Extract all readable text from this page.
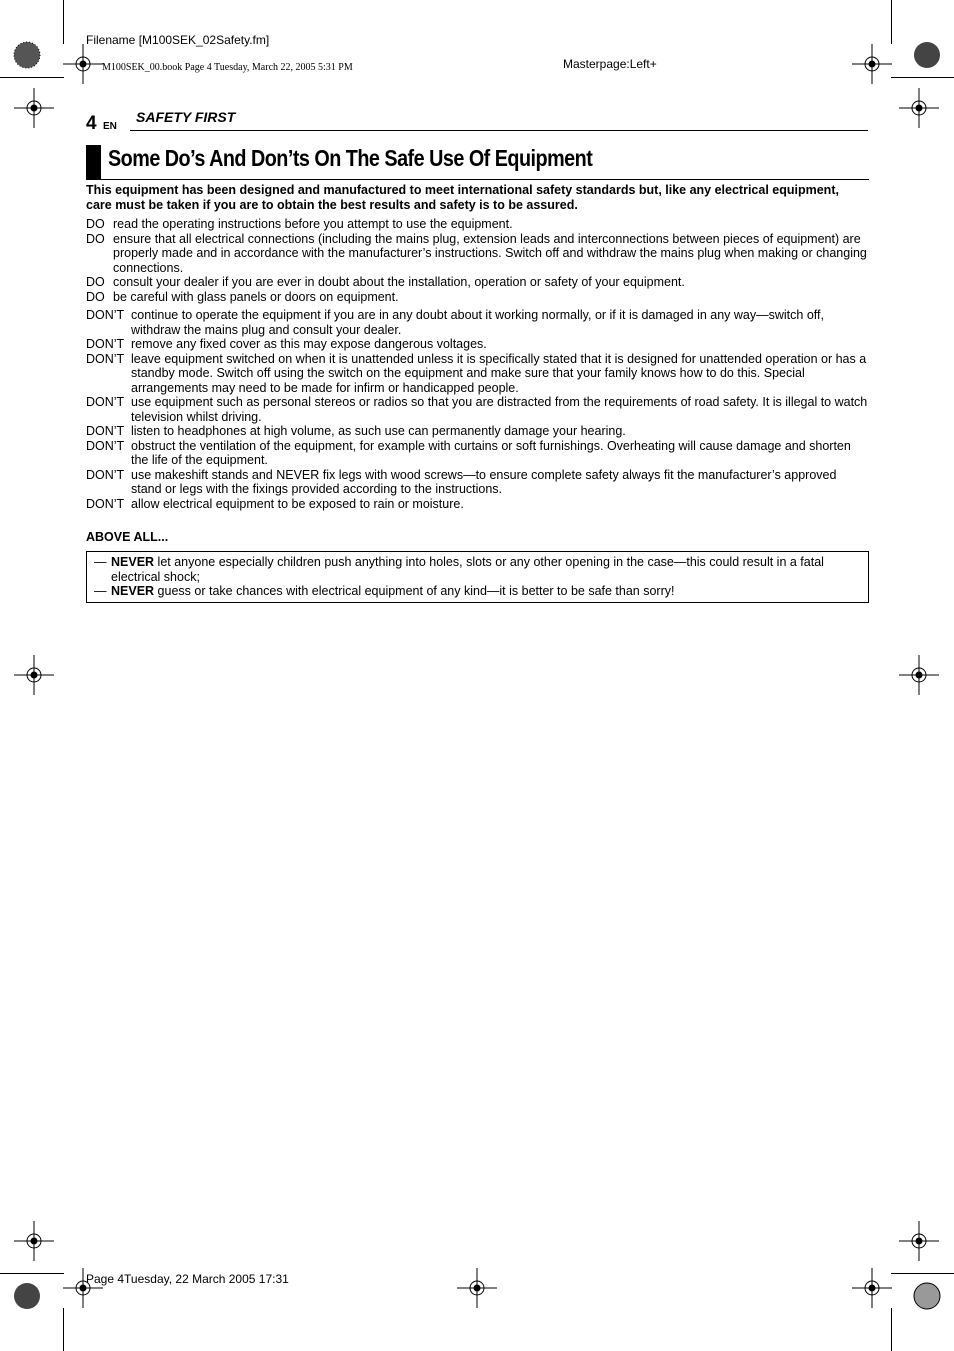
Filename [M100SEK_02Safety.fm]
M100SEK_00.book Page 4 Tuesday, March 22, 2005 5:31 PM	Masterpage:Left+
Page 4Tuesday, 22 March 2005 17:31
4 EN
SAFETY FIRST
Some Do’s And Don’ts On The Safe Use Of Equipment
This equipment has been designed and manufactured to meet international safety standards but, like any electrical equipment, care must be taken if you are to obtain the best results and safety is to be assured.
DO read the operating instructions before you attempt to use the equipment.
DO ensure that all electrical connections (including the mains plug, extension leads and interconnections between pieces of equipment) are properly made and in accordance with the manufacturer’s instructions. Switch off and withdraw the mains plug when making or changing connections.
DO consult your dealer if you are ever in doubt about the installation, operation or safety of your equipment.
DO be careful with glass panels or doors on equipment.
DON’T continue to operate the equipment if you are in any doubt about it working normally, or if it is damaged in any way—switch off, withdraw the mains plug and consult your dealer.
DON’T remove any fixed cover as this may expose dangerous voltages.
DON’T leave equipment switched on when it is unattended unless it is specifically stated that it is designed for unattended operation or has a standby mode. Switch off using the switch on the equipment and make sure that your family knows how to do this. Special arrangements may need to be made for infirm or handicapped people.
DON’T use equipment such as personal stereos or radios so that you are distracted from the requirements of road safety. It is illegal to watch television whilst driving.
DON’T listen to headphones at high volume, as such use can permanently damage your hearing.
DON’T obstruct the ventilation of the equipment, for example with curtains or soft furnishings. Overheating will cause damage and shorten the life of the equipment.
DON’T use makeshift stands and NEVER fix legs with wood screws—to ensure complete safety always fit the manufacturer’s approved stand or legs with the fixings provided according to the instructions.
DON’T allow electrical equipment to be exposed to rain or moisture.
ABOVE ALL...
— NEVER let anyone especially children push anything into holes, slots or any other opening in the case—this could result in a fatal electrical shock;
— NEVER guess or take chances with electrical equipment of any kind—it is better to be safe than sorry!
